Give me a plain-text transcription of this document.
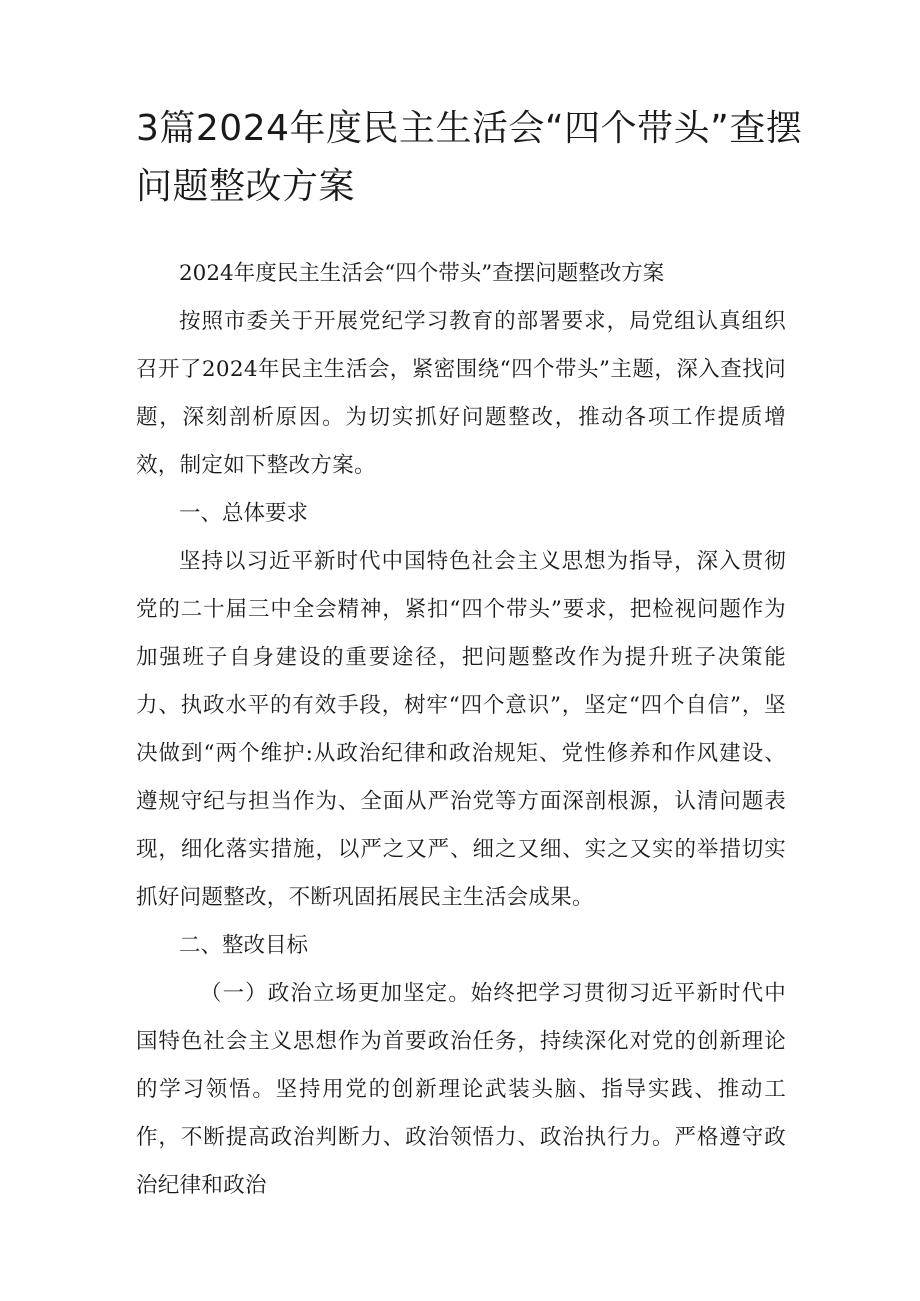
3篇2024年度民主生活会“四个带头”查摆问题整改方案

2024年度民主生活会“四个带头”查摆问题整改方案

按照市委关于开展党纪学习教育的部署要求，局党组认真组织召开了2024年民主生活会，紧密围绕“四个带头”主题，深入查找问题，深刻剖析原因。为切实抓好问题整改，推动各项工作提质增效，制定如下整改方案。

一、总体要求

坚持以习近平新时代中国特色社会主义思想为指导，深入贯彻党的二十届三中全会精神，紧扣“四个带头”要求，把检视问题作为加强班子自身建设的重要途径，把问题整改作为提升班子决策能力、执政水平的有效手段，树牢“四个意识”，坚定“四个自信”，坚决做到“两个维护:从政治纪律和政治规矩、党性修养和作风建设、遵规守纪与担当作为、全面从严治党等方面深剖根源，认清问题表现，细化落实措施，以严之又严、细之又细、实之又实的举措切实抓好问题整改，不断巩固拓展民主生活会成果。

二、整改目标

（一）政治立场更加坚定。始终把学习贯彻习近平新时代中国特色社会主义思想作为首要政治任务，持续深化对党的创新理论的学习领悟。坚持用党的创新理论武装头脑、指导实践、推动工作，不断提高政治判断力、政治领悟力、政治执行力。严格遵守政治纪律和政治
